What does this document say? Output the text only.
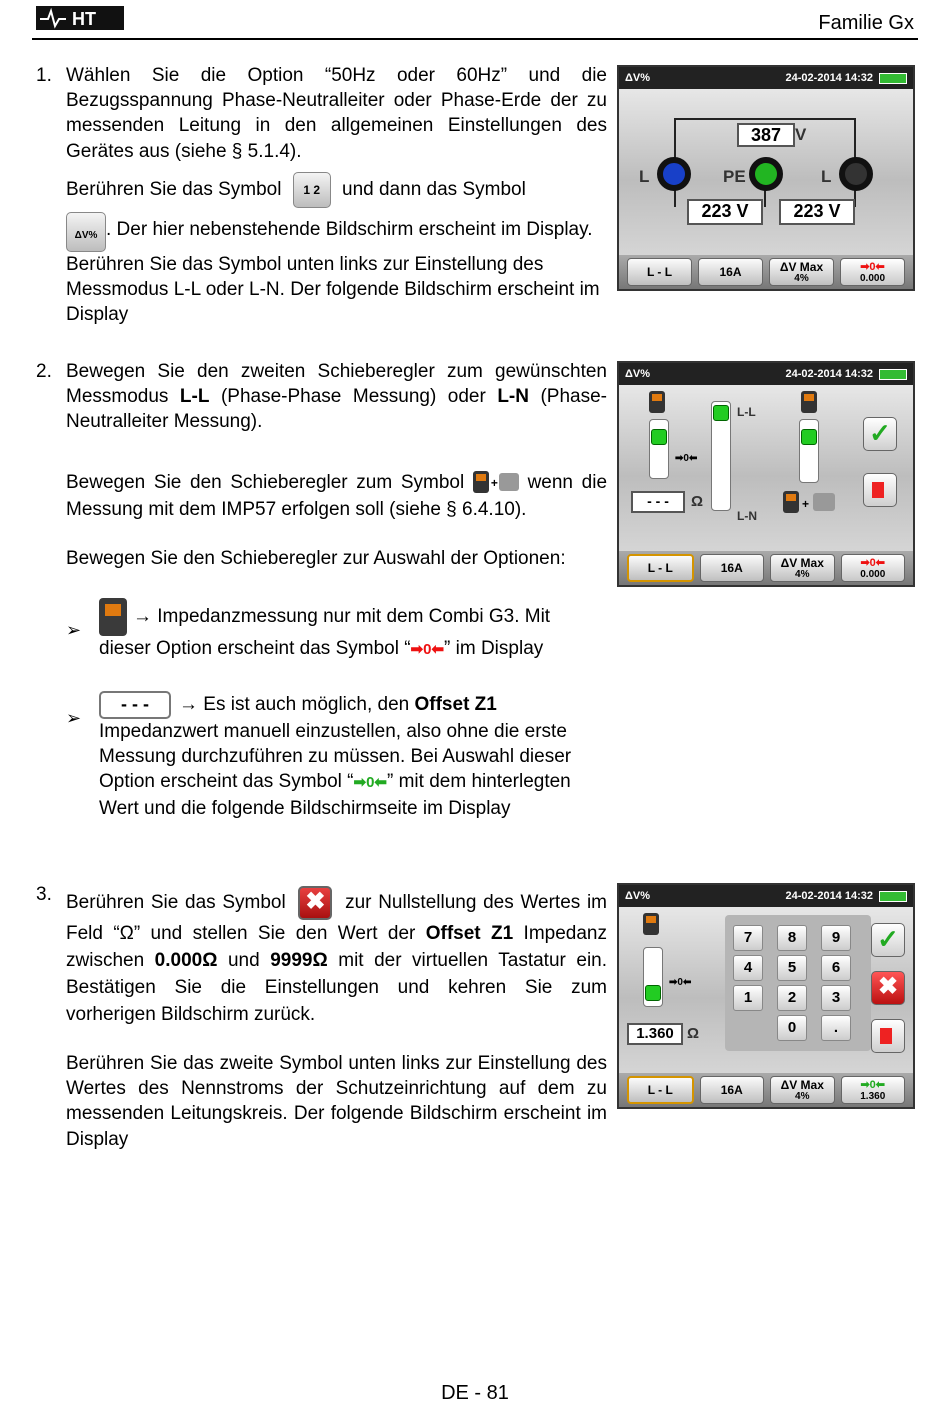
HT	Familie Gx
1. Wählen Sie die Option “50Hz oder 60Hz” und die Bezugsspannung Phase-Neutralleiter oder Phase-Erde der zu messenden Leitung in den allgemeinen Einstellungen des Gerätes aus (siehe § 5.1.4).
Berühren Sie das Symbol 1 2 und dann das Symbol

ΔV% . Der hier nebenstehende Bildschirm erscheint im Display. Berühren Sie das Symbol unten links zur Einstellung des Messmodus L-L oder L-N. Der folgende Bildschirm erscheint im Display
2. Bewegen Sie den zweiten Schieberegler zum gewünschten Messmodus L-L (Phase-Phase Messung) oder L-N (Phase-Neutralleiter Messung).
Bewegen Sie den Schieberegler zum Symbol + wenn die Messung mit dem IMP57 erfolgen soll (siehe § 6.4.10).
Bewegen Sie den Schieberegler zur Auswahl der Optionen:
➢
→ Impedanzmessung nur mit dem Combi G3. Mit dieser Option erscheint das Symbol “➡0⬅” im Display
➢
- - - → Es ist auch möglich, den Offset Z1 Impedanzwert manuell einzustellen, also ohne die erste Messung durchzuführen zu müssen. Bei Auswahl dieser Option erscheint das Symbol “➡0⬅” mit dem hinterlegten Wert und die folgende Bildschirmseite im Display
3. Berühren Sie das Symbol ✖ zur Nullstellung des Wertes im Feld “Ω” und stellen Sie den Wert der Offset Z1 Impedanz zwischen 0.000Ω und 9999Ω mit der virtuellen Tastatur ein. Bestätigen Sie die Einstellungen und kehren Sie zum vorherigen Bildschirm zurück.
Berühren Sie das zweite Symbol unten links zur Einstellung des Wertes des Nennstroms der Schutzeinrichtung auf dem zu messenden Leitungskreis. Der folgende Bildschirm erscheint im Display
ΔV%	24-02-2014 14:32
387 V
L	PE	L
223 V	223 V
L - L	16A	ΔV Max
4%
➡0⬅
0.000
ΔV%	24-02-2014 14:32
➡0⬅
- - -	Ω
L-L
L-N
+
✓
L - L	16A	ΔV Max
4%
➡0⬅
0.000
ΔV%	24-02-2014 14:32
➡0⬅
1.360 Ω
7	8	9
4	5	6
1	2	3
0	.
✓
✖
L - L	16A	ΔV Max
4%
➡0⬅
1.360
DE - 81
